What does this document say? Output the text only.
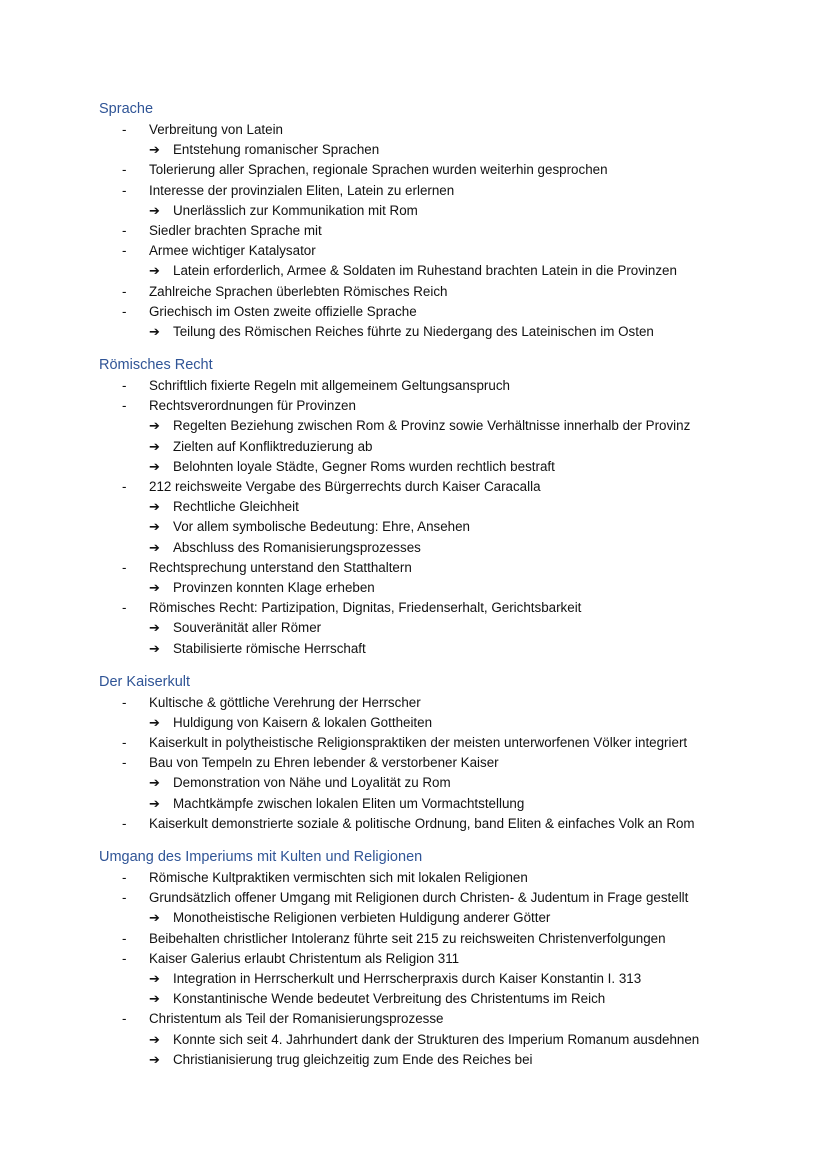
Sprache
- Verbreitung von Latein
➔ Entstehung romanischer Sprachen
- Tolerierung aller Sprachen, regionale Sprachen wurden weiterhin gesprochen
- Interesse der provinzialen Eliten, Latein zu erlernen
➔ Unerlässlich zur Kommunikation mit Rom
- Siedler brachten Sprache mit
- Armee wichtiger Katalysator
➔ Latein erforderlich, Armee & Soldaten im Ruhestand brachten Latein in die Provinzen
- Zahlreiche Sprachen überlebten Römisches Reich
- Griechisch im Osten zweite offizielle Sprache
➔ Teilung des Römischen Reiches führte zu Niedergang des Lateinischen im Osten
Römisches Recht
- Schriftlich fixierte Regeln mit allgemeinem Geltungsanspruch
- Rechtsverordnungen für Provinzen
➔ Regelten Beziehung zwischen Rom & Provinz sowie Verhältnisse innerhalb der Provinz
➔ Zielten auf Konfliktreduzierung ab
➔ Belohnten loyale Städte, Gegner Roms wurden rechtlich bestraft
- 212 reichsweite Vergabe des Bürgerrechts durch Kaiser Caracalla
➔ Rechtliche Gleichheit
➔ Vor allem symbolische Bedeutung: Ehre, Ansehen
➔ Abschluss des Romanisierungsprozesses
- Rechtsprechung unterstand den Statthaltern
➔ Provinzen konnten Klage erheben
- Römisches Recht: Partizipation, Dignitas, Friedenserhalt, Gerichtsbarkeit
➔ Souveränität aller Römer
➔ Stabilisierte römische Herrschaft
Der Kaiserkult
- Kultische & göttliche Verehrung der Herrscher
➔ Huldigung von Kaisern & lokalen Gottheiten
- Kaiserkult in polytheistische Religionspraktiken der meisten unterworfenen Völker integriert
- Bau von Tempeln zu Ehren lebender & verstorbener Kaiser
➔ Demonstration von Nähe und Loyalität zu Rom
➔ Machtkämpfe zwischen lokalen Eliten um Vormachtstellung
- Kaiserkult demonstrierte soziale & politische Ordnung, band Eliten & einfaches Volk an Rom
Umgang des Imperiums mit Kulten und Religionen
- Römische Kultpraktiken vermischten sich mit lokalen Religionen
- Grundsätzlich offener Umgang mit Religionen durch Christen- & Judentum in Frage gestellt
➔ Monotheistische Religionen verbieten Huldigung anderer Götter
- Beibehalten christlicher Intoleranz führte seit 215 zu reichsweiten Christenverfolgungen
- Kaiser Galerius erlaubt Christentum als Religion 311
➔ Integration in Herrscherkult und Herrscherpraxis durch Kaiser Konstantin I. 313
➔ Konstantinische Wende bedeutet Verbreitung des Christentums im Reich
- Christentum als Teil der Romanisierungsprozesse
➔ Konnte sich seit 4. Jahrhundert dank der Strukturen des Imperium Romanum ausdehnen
➔ Christianisierung trug gleichzeitig zum Ende des Reiches bei
